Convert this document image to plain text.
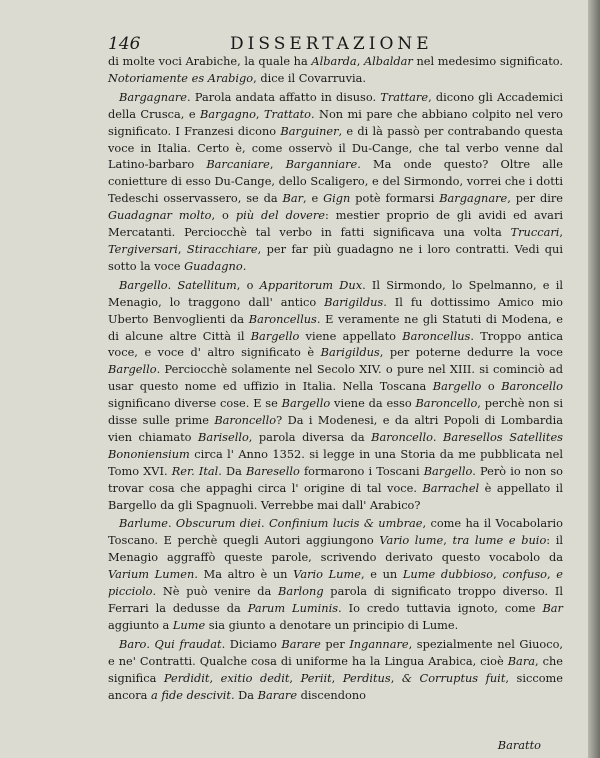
146	DISSERTAZIONE

di molte voci Arabiche, la quale ha Albarda, Albaldar nel medesimo significato. Notoriamente es Arabigo, dice il Covarruvia.

Bargagnare. Parola andata affatto in disuso. Trattare, dicono gli Accademici della Crusca, e Bargagno, Trattato. Non mi pare che abbiano colpito nel vero significato. I Franzesi dicono Barguiner, e di là passò per contrabando questa voce in Italia. Certo è, come osservò il Du-Cange, che tal verbo venne dal Latino-barbaro Barcaniare, Barganniare. Ma onde questo? Oltre alle conietture di esso Du-Cange, dello Scaligero, e del Sirmondo, vorrei che i dotti Tedeschi osservassero, se da Bar, e Gign potè formarsi Bargagnare, per dire Guadagnar molto, o più del dovere: mestier proprio de gli avidi ed avari Mercatanti. Perciocchè tal verbo in fatti significava una volta Truccari, Tergiversari, Stiracchiare, per far più guadagno ne i loro contratti. Vedi qui sotto la voce Guadagno.

Bargello. Satellitum, o Apparitorum Dux. Il Sirmondo, lo Spelmanno, e il Menagio, lo traggono dall' antico Barigildus. Il fu dottissimo Amico mio Uberto Benvoglienti da Baroncellus. E veramente ne gli Statuti di Modena, e di alcune altre Città il Bargello viene appellato Baroncellus. Troppo antica voce, e voce d' altro significato è Barigildus, per poterne dedurre la voce Bargello. Perciocchè solamente nel Secolo XIV. o pure nel XIII. si cominciò ad usar questo nome ed uffizio in Italia. Nella Toscana Bargello o Baroncello significano diverse cose. E se Bargello viene da esso Baroncello, perchè non si disse sulle prime Baroncello? Da i Modenesi, e da altri Popoli di Lombardia vien chiamato Barisello, parola diversa da Baroncello. Baresellos Satellites Bononiensium circa l' Anno 1352. si legge in una Storia da me pubblicata nel Tomo XVI. Rer. Ital. Da Baresello formarono i Toscani Bargello. Però io non so trovar cosa che appaghi circa l' origine di tal voce. Barrachel è appellato il Bargello da gli Spagnuoli. Verrebbe mai dall' Arabico?

Barlume. Obscurum diei. Confinium lucis & umbrae, come ha il Vocabolario Toscano. E perchè quegli Autori aggiungono Vario lume, tra lume e buio: il Menagio aggraffò queste parole, scrivendo derivato questo vocabolo da Varium Lumen. Ma altro è un Vario Lume, e un Lume dubbioso, confuso, e picciolo. Nè può venire da Barlong parola di significato troppo diverso. Il Ferrari la dedusse da Parum Luminis. Io credo tuttavia ignoto, come Bar aggiunto a Lume sia giunto a denotare un principio di Lume.

Baro. Qui fraudat. Diciamo Barare per Ingannare, spezialmente nel Giuoco, e ne' Contratti. Qualche cosa di uniforme ha la Lingua Arabica, cioè Bara, che significa Perdidit, exitio dedit, Periit, Perditus, & Corruptus fuit, siccome ancora a fide descivit. Da Barare discendono

Baratto
